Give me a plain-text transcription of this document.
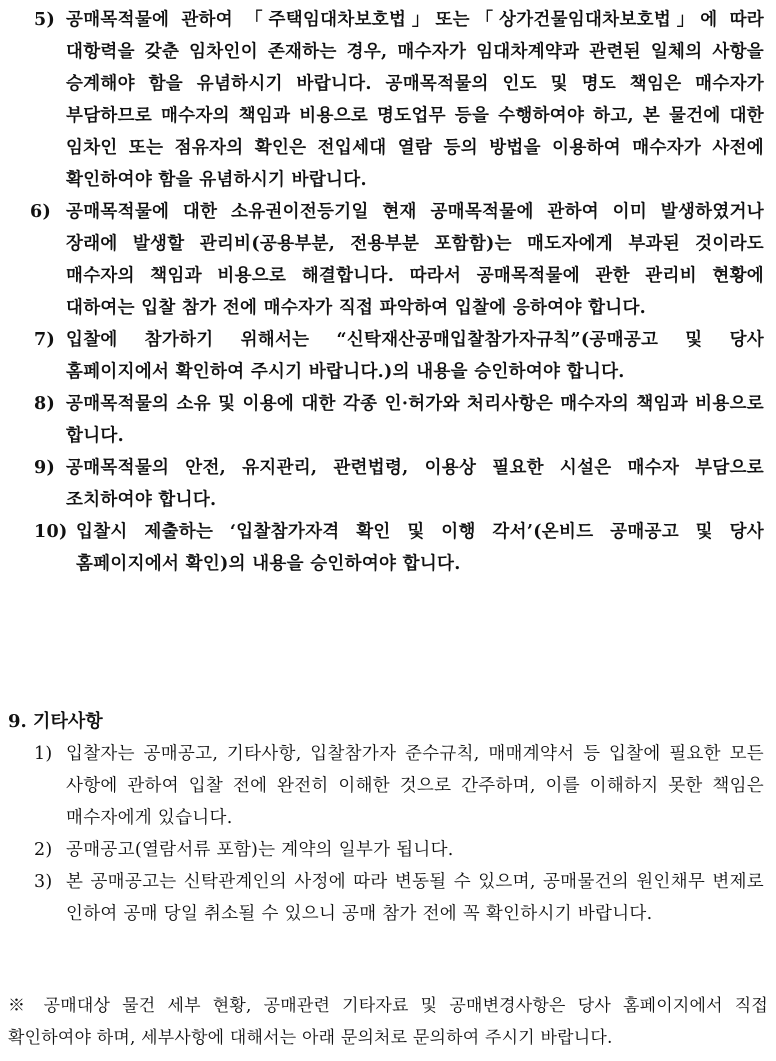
5) 공매목적물에 관하여 「주택임대차보호법」또는「상가건물임대차보호법」에 따라 대항력을 갖춘 임차인이 존재하는 경우, 매수자가 임대차계약과 관련된 일체의 사항을 승계해야 함을 유념하시기 바랍니다. 공매목적물의 인도 및 명도 책임은 매수자가 부담하므로 매수자의 책임과 비용으로 명도업무 등을 수행하여야 하고, 본 물건에 대한 임차인 또는 점유자의 확인은 전입세대 열람 등의 방법을 이용하여 매수자가 사전에 확인하여야 함을 유념하시기 바랍니다.
6) 공매목적물에 대한 소유권이전등기일 현재 공매목적물에 관하여 이미 발생하였거나 장래에 발생할 관리비(공용부분, 전용부분 포함함)는 매도자에게 부과된 것이라도 매수자의 책임과 비용으로 해결합니다. 따라서 공매목적물에 관한 관리비 현황에 대하여는 입찰 참가 전에 매수자가 직접 파악하여 입찰에 응하여야 합니다.
7) 입찰에 참가하기 위해서는 “신탁재산공매입찰참가자규칙”(공매공고 및 당사 홈페이지에서 확인하여 주시기 바랍니다.)의 내용을 승인하여야 합니다.
8) 공매목적물의 소유 및 이용에 대한 각종 인·허가와 처리사항은 매수자의 책임과 비용으로 합니다.
9) 공매목적물의 안전, 유지관리, 관련법령, 이용상 필요한 시설은 매수자 부담으로 조치하여야 합니다.
10) 입찰시 제출하는 ‘입찰참가자격 확인 및 이행 각서’(온비드 공매공고 및 당사 홈페이지에서 확인)의 내용을 승인하여야 합니다.
9. 기타사항
1) 입찰자는 공매공고, 기타사항, 입찰참가자 준수규칙, 매매계약서 등 입찰에 필요한 모든 사항에 관하여 입찰 전에 완전히 이해한 것으로 간주하며, 이를 이해하지 못한 책임은 매수자에게 있습니다.
2) 공매공고(열람서류 포함)는 계약의 일부가 됩니다.
3) 본 공매공고는 신탁관계인의 사정에 따라 변동될 수 있으며, 공매물건의 원인채무 변제로 인하여 공매 당일 취소될 수 있으니 공매 참가 전에 꼭 확인하시기 바랍니다.
※ 공매대상 물건 세부 현황, 공매관련 기타자료 및 공매변경사항은 당사 홈페이지에서 직접 확인하여야 하며, 세부사항에 대해서는 아래 문의처로 문의하여 주시기 바랍니다.
